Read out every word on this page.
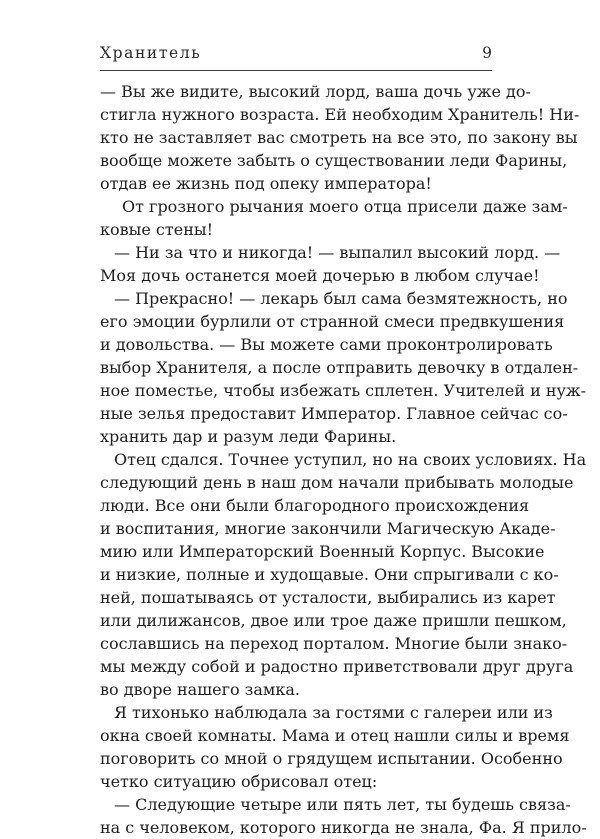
Хранитель	9
— Вы же видите, высокий лорд, ваша дочь уже до-
стигла нужного возраста. Ей необходим Хранитель! Ни-
кто не заставляет вас смотреть на все это, по закону вы
вообще можете забыть о существовании леди Фарины,
отдав ее жизнь под опеку императора!
От грозного рычания моего отца присели даже зам-
ковые стены!
— Ни за что и никогда! — выпалил высокий лорд. —
Моя дочь останется моей дочерью в любом случае!
— Прекрасно! — лекарь был сама безмятежность, но
его эмоции бурлили от странной смеси предвкушения
и довольства. — Вы можете сами проконтролировать
выбор Хранителя, а после отправить девочку в отдален-
ное поместье, чтобы избежать сплетен. Учителей и нуж-
ные зелья предоставит Император. Главное сейчас со-
хранить дар и разум леди Фарины.
Отец сдался. Точнее уступил, но на своих условиях. На
следующий день в наш дом начали прибывать молодые
люди. Все они были благородного происхождения
и воспитания, многие закончили Магическую Акаде-
мию или Императорский Военный Корпус. Высокие
и низкие, полные и худощавые. Они спрыгивали с ко-
ней, пошатываясь от усталости, выбирались из карет
или дилижансов, двое или трое даже пришли пешком,
сославшись на переход порталом. Многие были знако-
мы между собой и радостно приветствовали друг друга
во дворе нашего замка.
Я тихонько наблюдала за гостями с галереи или из
окна своей комнаты. Мама и отец нашли силы и время
поговорить со мной о грядущем испытании. Особенно
четко ситуацию обрисовал отец:
— Следующие четыре или пять лет, ты будешь связа-
на с человеком, которого никогда не знала, Фа. Я прило-
